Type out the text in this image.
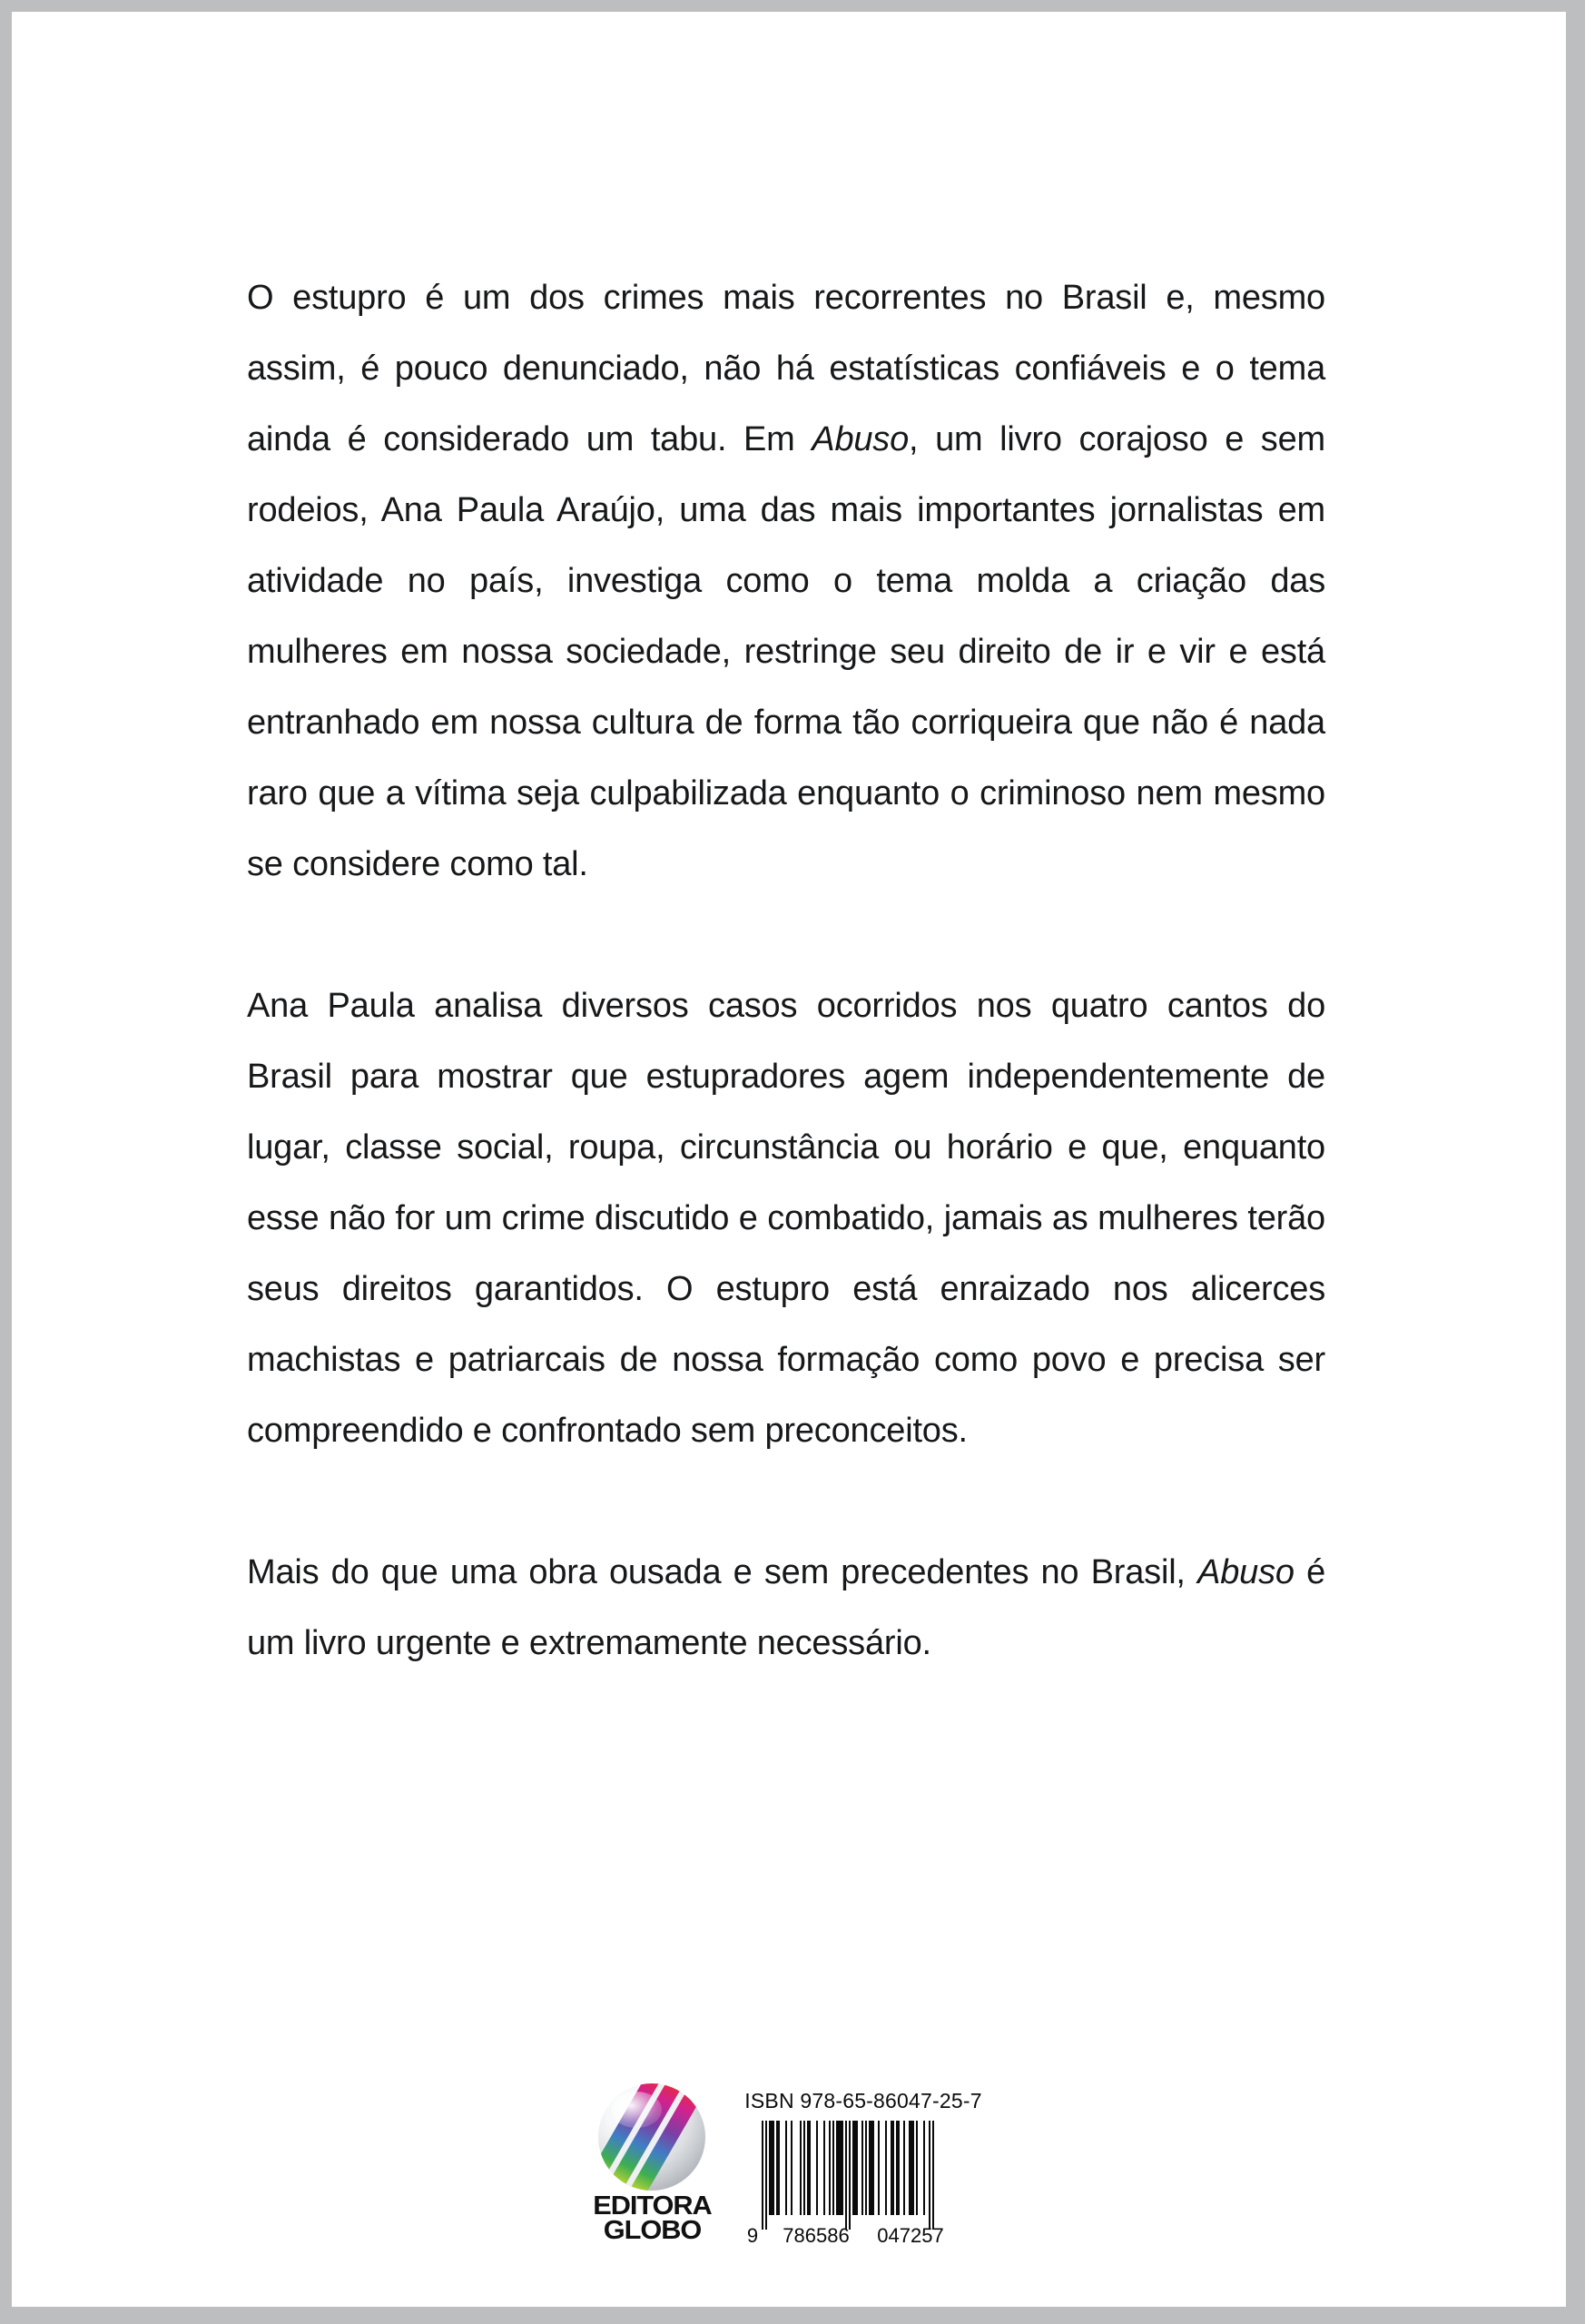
O estupro é um dos crimes mais recorrentes no Brasil e, mesmo assim, é pouco denunciado, não há estatísticas confiáveis e o tema ainda é considerado um tabu. Em Abuso, um livro corajoso e sem rodeios, Ana Paula Araújo, uma das mais importantes jornalistas em atividade no país, investiga como o tema molda a criação das mulheres em nossa sociedade, restringe seu direito de ir e vir e está entranhado em nossa cultura de forma tão corriqueira que não é nada raro que a vítima seja culpabilizada enquanto o criminoso nem mesmo se considere como tal.

Ana Paula analisa diversos casos ocorridos nos quatro cantos do Brasil para mostrar que estupradores agem independentemente de lugar, classe social, roupa, circunstância ou horário e que, enquanto esse não for um crime discutido e combatido, jamais as mulheres terão seus direitos garantidos. O estupro está enraizado nos alicerces machistas e patriarcais de nossa formação como povo e precisa ser compreendido e confrontado sem preconceitos.

Mais do que uma obra ousada e sem precedentes no Brasil, Abuso é um livro urgente e extremamente necessário.

EDITORA
GLOBO
ISBN 978-65-86047-25-7
9 786586 047257
